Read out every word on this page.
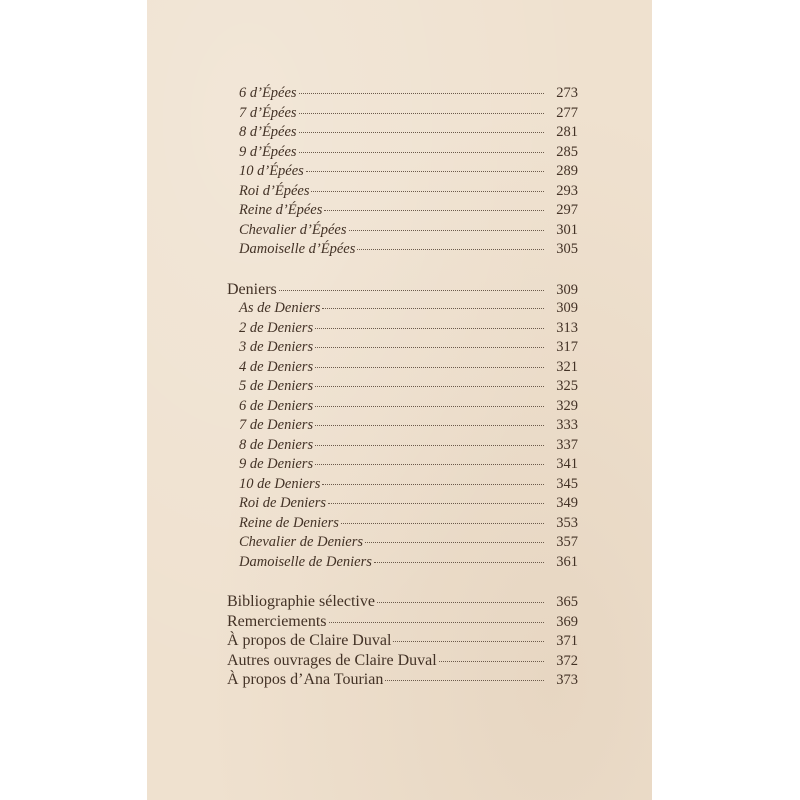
6 d’Épées	273
7 d’Épées	277
8 d’Épées	281
9 d’Épées	285
10 d’Épées	289
Roi d’Épées	293
Reine d’Épées	297
Chevalier d’Épées	301
Damoiselle d’Épées	305
Deniers	309
As de Deniers	309
2 de Deniers	313
3 de Deniers	317
4 de Deniers	321
5 de Deniers	325
6 de Deniers	329
7 de Deniers	333
8 de Deniers	337
9 de Deniers	341
10 de Deniers	345
Roi de Deniers	349
Reine de Deniers	353
Chevalier de Deniers	357
Damoiselle de Deniers	361
Bibliographie sélective	365
Remerciements	369
À propos de Claire Duval	371
Autres ouvrages de Claire Duval	372
À propos d’Ana Tourian	373
